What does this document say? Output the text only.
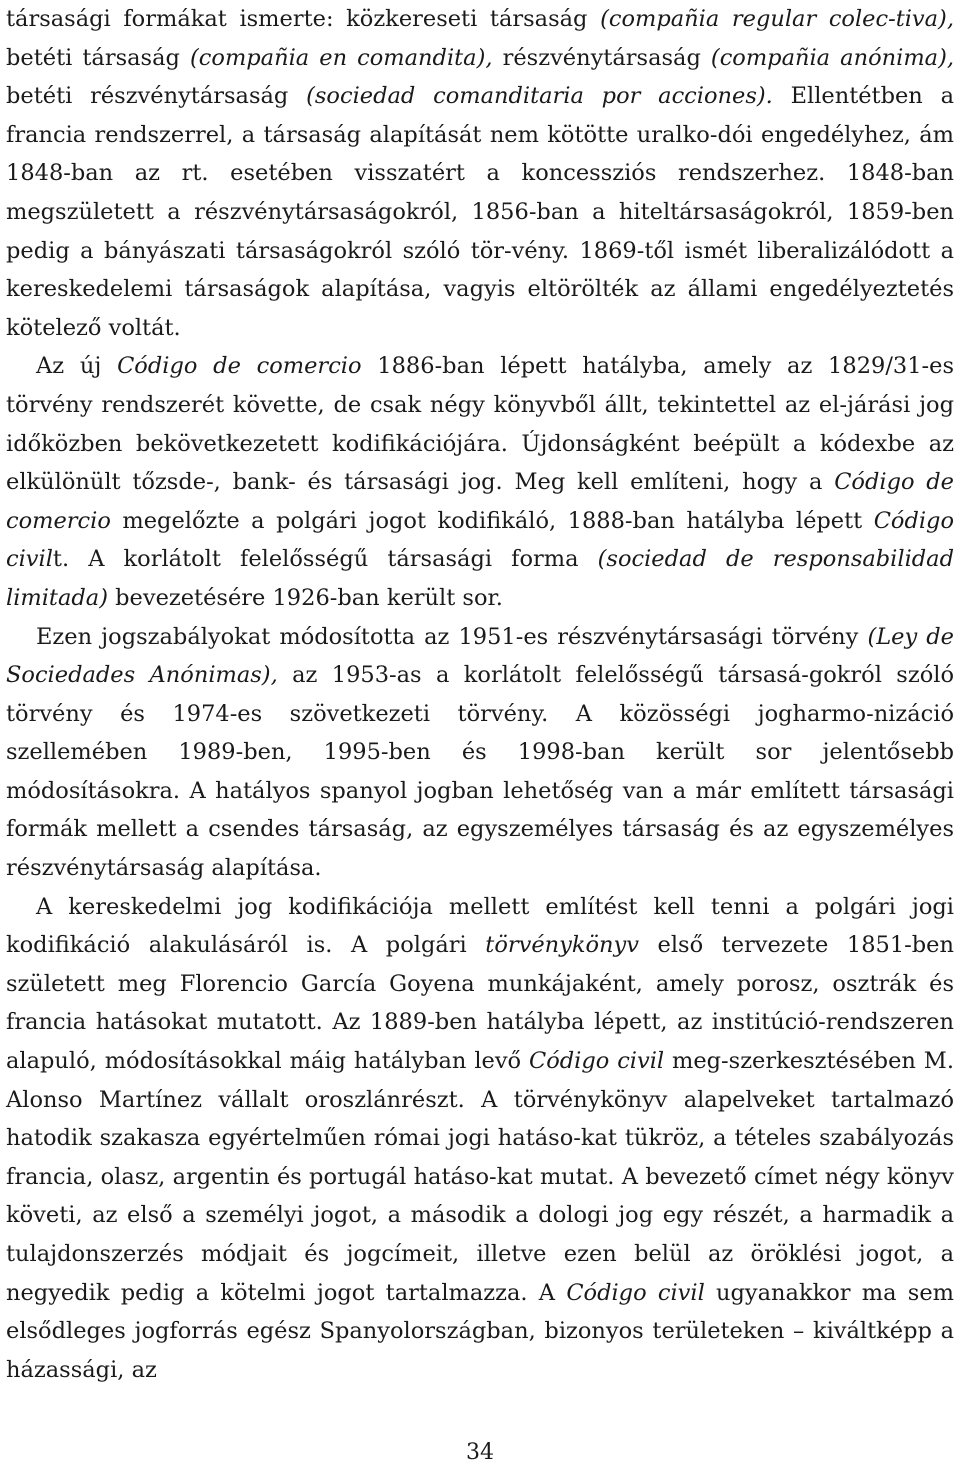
társasági formákat ismerte: közkereseti társaság (compañia regular colec-tiva), betéti társaság (compañia en comandita), részvénytársaság (compañia anónima), betéti részvénytársaság (sociedad comanditaria por acciones). Ellentétben a francia rendszerrel, a társaság alapítását nem kötötte uralko-dói engedélyhez, ám 1848-ban az rt. esetében visszatért a koncessziós rendszerhez. 1848-ban megszületett a részvénytársaságokról, 1856-ban a hiteltársaságokról, 1859-ben pedig a bányászati társaságokról szóló tör-vény. 1869-től ismét liberalizálódott a kereskedelemi társaságok alapítása, vagyis eltörölték az állami engedélyeztetés kötelező voltát.

Az új Código de comercio 1886-ban lépett hatályba, amely az 1829/31-es törvény rendszerét követte, de csak négy könyvből állt, tekintettel az el-járási jog időközben bekövetkezetett kodifikációjára. Újdonságként beépült a kódexbe az elkülönült tőzsde-, bank- és társasági jog. Meg kell említeni, hogy a Código de comercio megelőzte a polgári jogot kodifikáló, 1888-ban hatályba lépett Código civilt. A korlátolt felelősségű társasági forma (sociedad de responsabilidad limitada) bevezetésére 1926-ban került sor.

Ezen jogszabályokat módosította az 1951-es részvénytársasági törvény (Ley de Sociedades Anónimas), az 1953-as a korlátolt felelősségű társasá-gokról szóló törvény és 1974-es szövetkezeti törvény. A közösségi jogharmo-nizáció szellemében 1989-ben, 1995-ben és 1998-ban került sor jelentősebb módosításokra. A hatályos spanyol jogban lehetőség van a már említett társasági formák mellett a csendes társaság, az egyszemélyes társaság és az egyszemélyes részvénytársaság alapítása.

A kereskedelmi jog kodifikációja mellett említést kell tenni a polgári jogi kodifikáció alakulásáról is. A polgári törvénykönyv első tervezete 1851-ben született meg Florencio García Goyena munkájaként, amely porosz, osztrák és francia hatásokat mutatott. Az 1889-ben hatályba lépett, az institúció-rendszeren alapuló, módosításokkal máig hatályban levő Código civil meg-szerkesztésében M. Alonso Martínez vállalt oroszlánrészt. A törvénykönyv alapelveket tartalmazó hatodik szakasza egyértelműen római jogi hatáso-kat tükröz, a tételes szabályozás francia, olasz, argentin és portugál hatáso-kat mutat. A bevezető címet négy könyv követi, az első a személyi jogot, a második a dologi jog egy részét, a harmadik a tulajdonszerzés módjait és jogcímeit, illetve ezen belül az öröklési jogot, a negyedik pedig a kötelmi jogot tartalmazza. A Código civil ugyanakkor ma sem elsődleges jogforrás egész Spanyolországban, bizonyos területeken – kiváltképp a házassági, az

34
